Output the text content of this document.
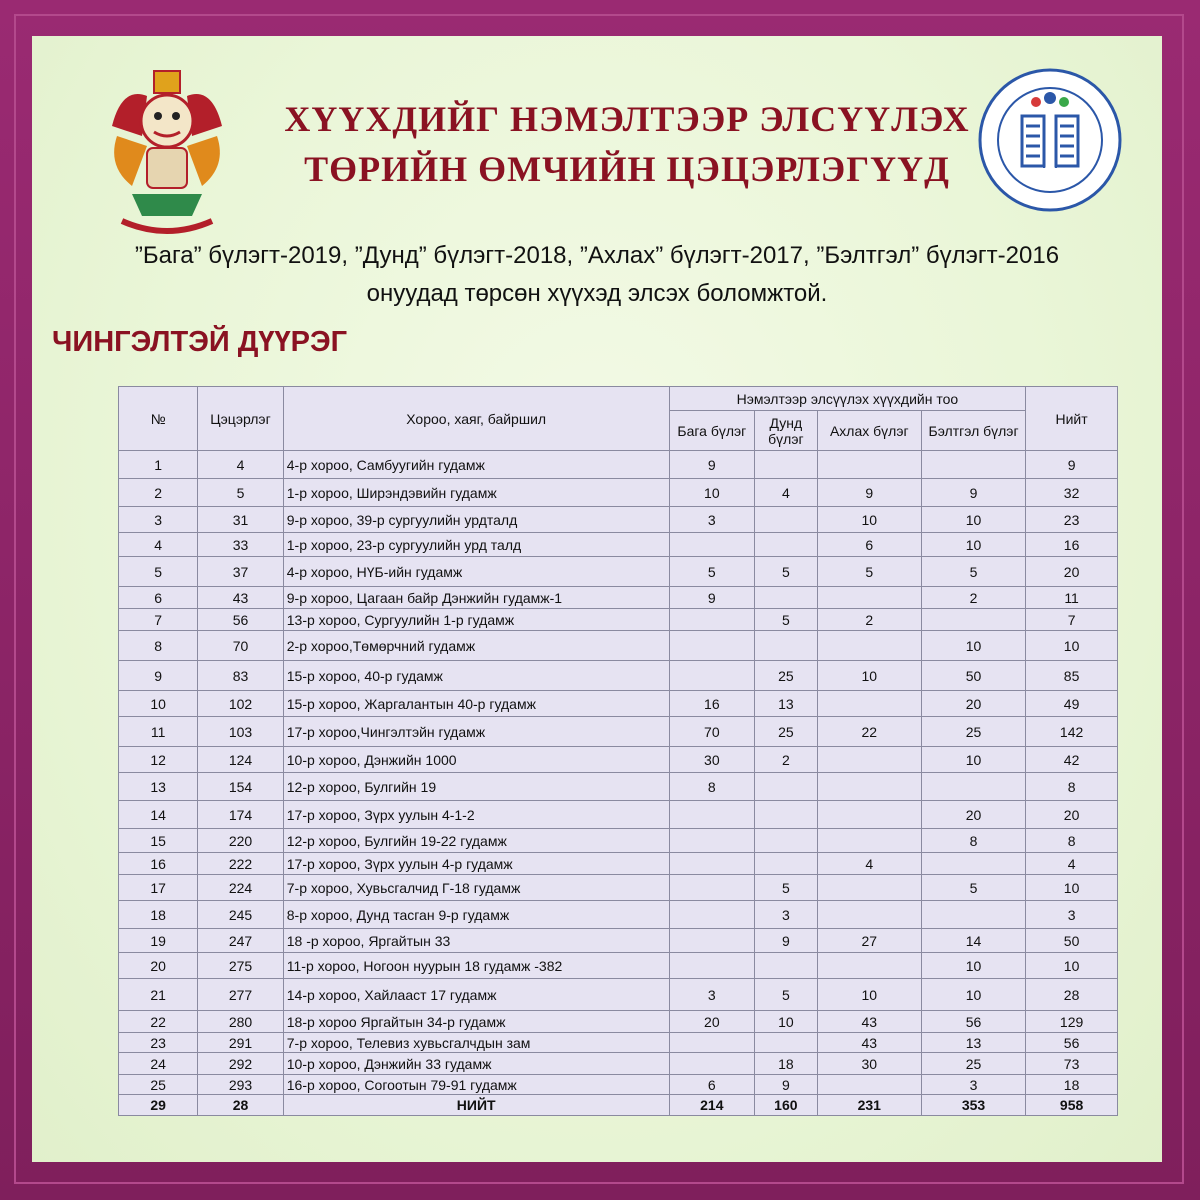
ХҮҮХДИЙГ НЭМЭЛТЭЭР ЭЛСҮҮЛЭХ
ТӨРИЙН ӨМЧИЙН ЦЭЦЭРЛЭГҮҮД

”Бага” бүлэгт-2019, ”Дунд” бүлэгт-2018, ”Ахлах” бүлэгт-2017, ”Бэлтгэл” бүлэгт-2016

онуудад төрсөн хүүхэд элсэх боломжтой.

ЧИНГЭЛТЭЙ ДҮҮРЭГ
№	Цэцэрлэг	Хороо, хаяг, байршил	Нэмэлтээр элсүүлэх хүүхдийн тоо				Нийт
			Бага бүлэг	Дунд бүлэг	Ахлах бүлэг	Бэлтгэл бүлэг	
1	4	4-р хороо, Самбуугийн гудамж	9				9
2	5	1-р хороо, Ширэндэвийн гудамж	10	4	9	9	32
3	31	9-р хороо, 39-р сургуулийн урдталд	3		10	10	23
4	33	1-р хороо, 23-р сургуулийн урд талд			6	10	16
5	37	4-р хороо, НҮБ-ийн гудамж	5	5	5	5	20
6	43	9-р хороо, Цагаан байр Дэнжийн гудамж-1	9			2	11
7	56	13-р хороо, Сургуулийн 1-р гудамж		5	2		7
8	70	2-р хороо,Төмөрчний гудамж				10	10
9	83	15-р хороо, 40-р гудамж		25	10	50	85
10	102	15-р хороо, Жаргалантын 40-р гудамж	16	13		20	49
11	103	17-р хороо,Чингэлтэйн гудамж	70	25	22	25	142
12	124	10-р хороо, Дэнжийн 1000	30	2		10	42
13	154	12-р хороо, Булгийн 19	8				8
14	174	17-р хороо, Зүрх уулын 4-1-2				20	20
15	220	12-р хороо, Булгийн 19-22 гудамж				8	8
16	222	17-р хороо, Зүрх уулын 4-р гудамж			4		4
17	224	7-р хороо, Хувьсгалчид Г-18 гудамж		5		5	10
18	245	8-р хороо, Дунд тасган 9-р гудамж		3			3
19	247	18 -р хороо, Яргайтын 33		9	27	14	50
20	275	11-р хороо, Ногоон нуурын 18 гудамж -382				10	10
21	277	14-р хороо, Хайлааст 17 гудамж	3	5	10	10	28
22	280	18-р хороо Яргайтын 34-р гудамж	20	10	43	56	129
23	291	7-р хороо, Телевиз хувьсгалчдын зам			43	13	56
24	292	10-р хороо, Дэнжийн 33 гудамж		18	30	25	73
25	293	16-р хороо, Согоотын 79-91 гудамж	6	9		3	18
29	28	НИЙТ	214	160	231	353	958
